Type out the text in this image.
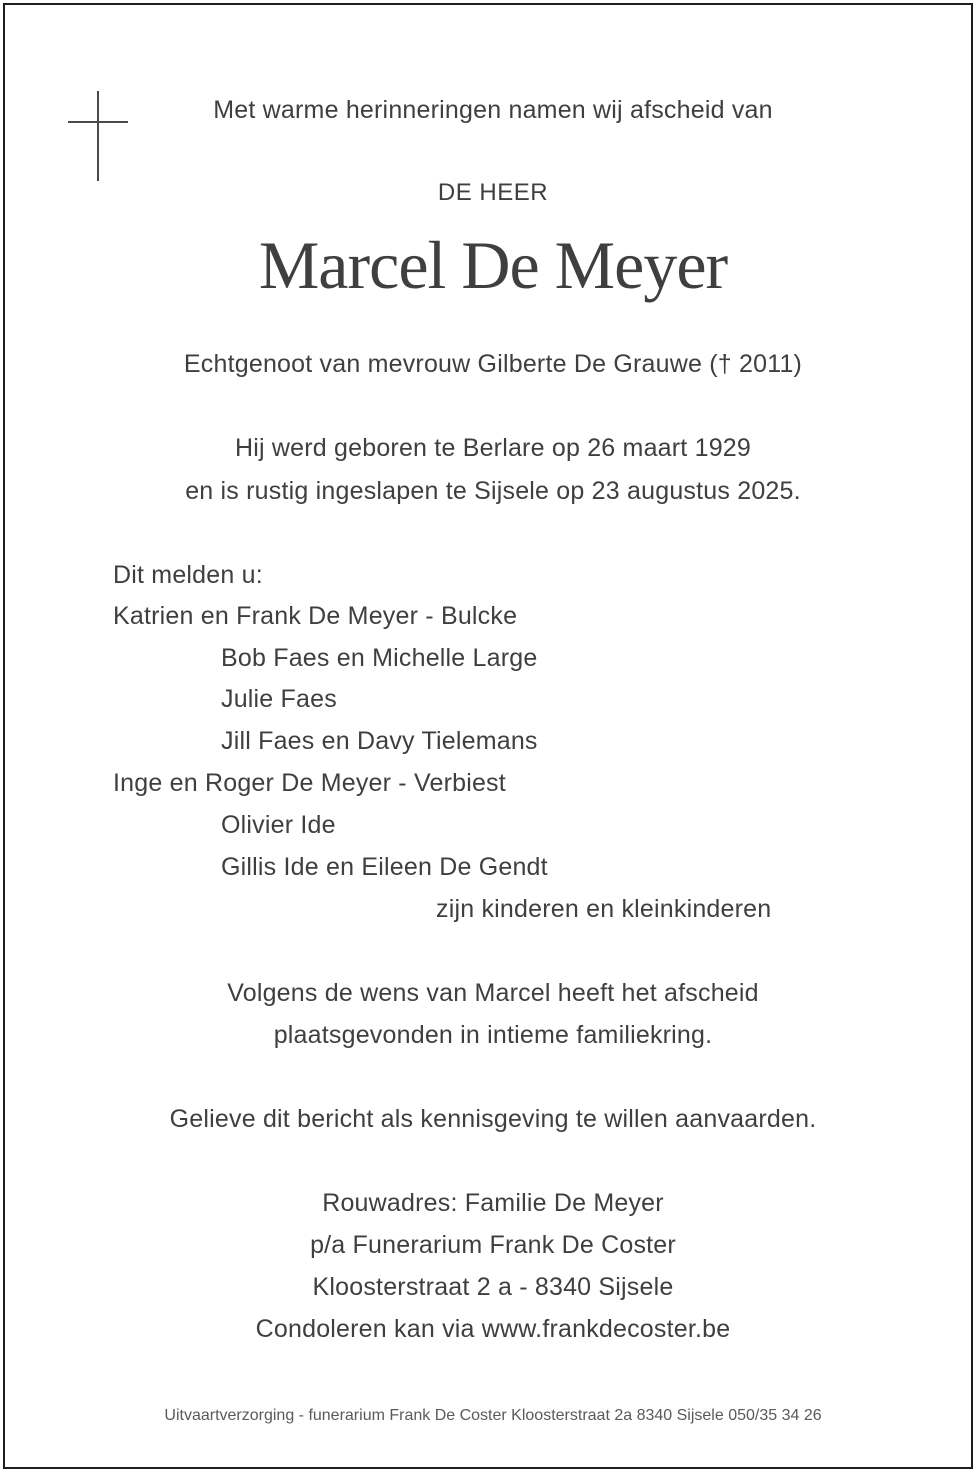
Met warme herinneringen namen wij afscheid van
DE HEER
Marcel De Meyer
Echtgenoot van mevrouw Gilberte De Grauwe († 2011)
Hij werd geboren te Berlare op 26 maart 1929
en is rustig ingeslapen te Sijsele op 23 augustus 2025.
Dit melden u:
Katrien en Frank De Meyer - Bulcke
Bob Faes en Michelle Large
Julie Faes
Jill Faes en Davy Tielemans
Inge en Roger De Meyer - Verbiest
Olivier Ide
Gillis Ide en Eileen De Gendt
zijn kinderen en kleinkinderen
Volgens de wens van Marcel heeft het afscheid
plaatsgevonden in intieme familiekring.
Gelieve dit bericht als kennisgeving te willen aanvaarden.
Rouwadres: Familie De Meyer
p/a Funerarium Frank De Coster
Kloosterstraat 2 a - 8340 Sijsele
Condoleren kan via www.frankdecoster.be
Uitvaartverzorging - funerarium Frank De Coster Kloosterstraat 2a 8340 Sijsele 050/35 34 26
